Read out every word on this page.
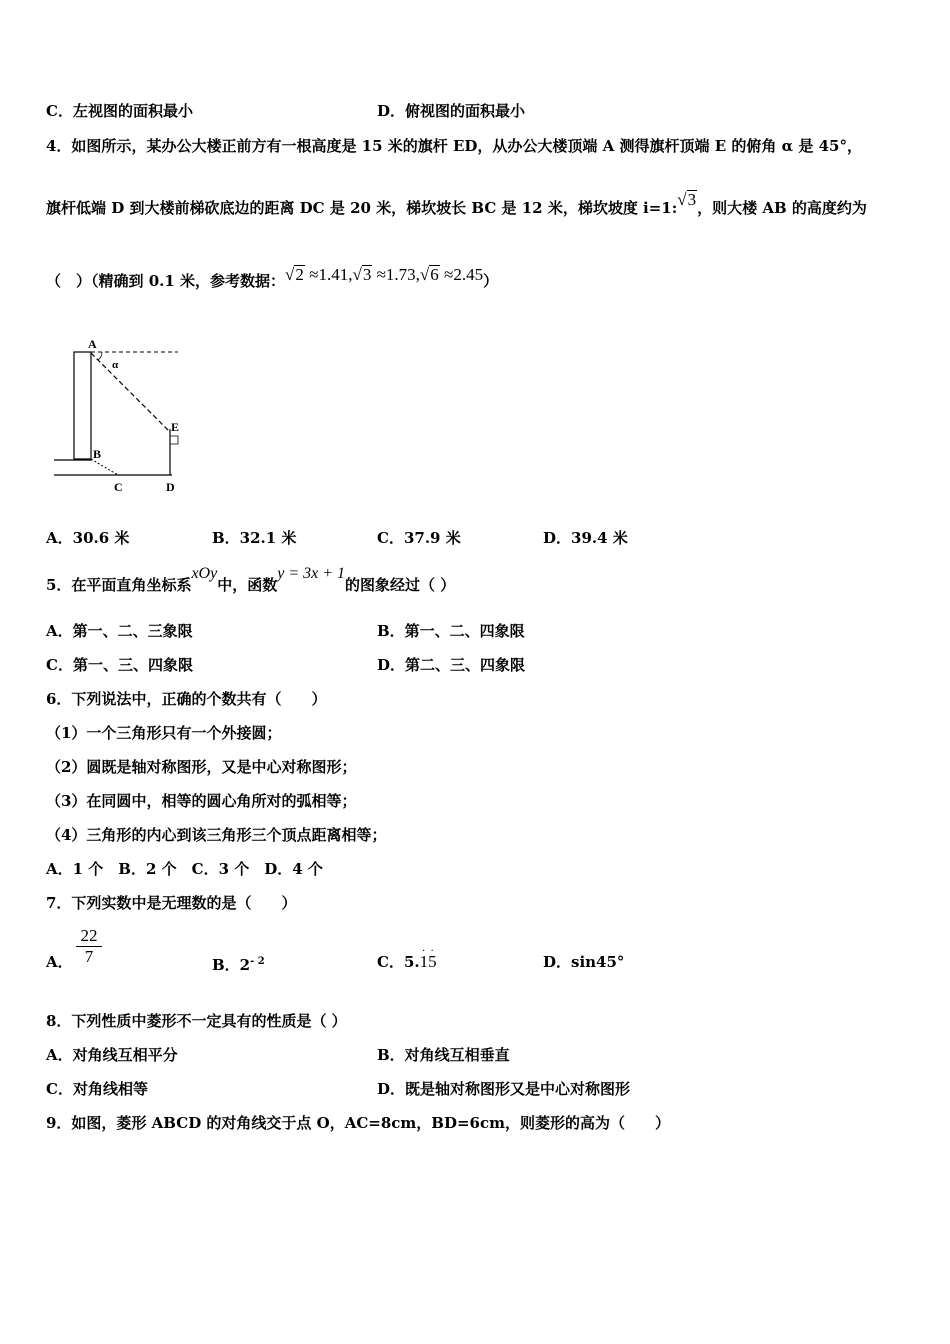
C．左视图的面积最小	D．俯视图的面积最小
4．如图所示，某办公大楼正前方有一根高度是 15 米的旗杆 ED，从办公大楼顶端 A 测得旗杆顶端 E 的俯角 α 是 45°，
旗杆低端 D 到大楼前梯砍底边的距离 DC 是 20 米，梯坎坡长 BC 是 12 米，梯坎坡度 i=1:√3，则大楼 AB 的高度约为
（　）（精确到 0.1 米，参考数据：√2 ≈1.41,√3 ≈1.73,√6 ≈2.45）
A
α
E
B
C	D
A．30.6 米	B．32.1 米	C．37.9 米	D．39.4 米
5．在平面直角坐标系xOy中，函数y = 3x + 1的图象经过（ ）
A．第一、二、三象限	B．第一、二、四象限
C．第一、三、四象限	D．第二、三、四象限
6．下列说法中，正确的个数共有（　　）
（1）一个三角形只有一个外接圆；
（2）圆既是轴对称图形，又是中心对称图形；
（3）在同圆中，相等的圆心角所对的弧相等；
（4）三角形的内心到该三角形三个顶点距离相等；
A．1 个　B．2 个　C．3 个　D．4 个
7．下列实数中是无理数的是（　　）
A． $\frac{22}{7}$	B．$2^{- 2}$	C．5.· 1· 5	D．sin45°
8．下列性质中菱形不一定具有的性质是（ ）
A．对角线互相平分	B．对角线互相垂直
C．对角线相等	D．既是轴对称图形又是中心对称图形
9．如图，菱形 ABCD 的对角线交于点 O，AC=8cm，BD=6cm，则菱形的高为（　　）
